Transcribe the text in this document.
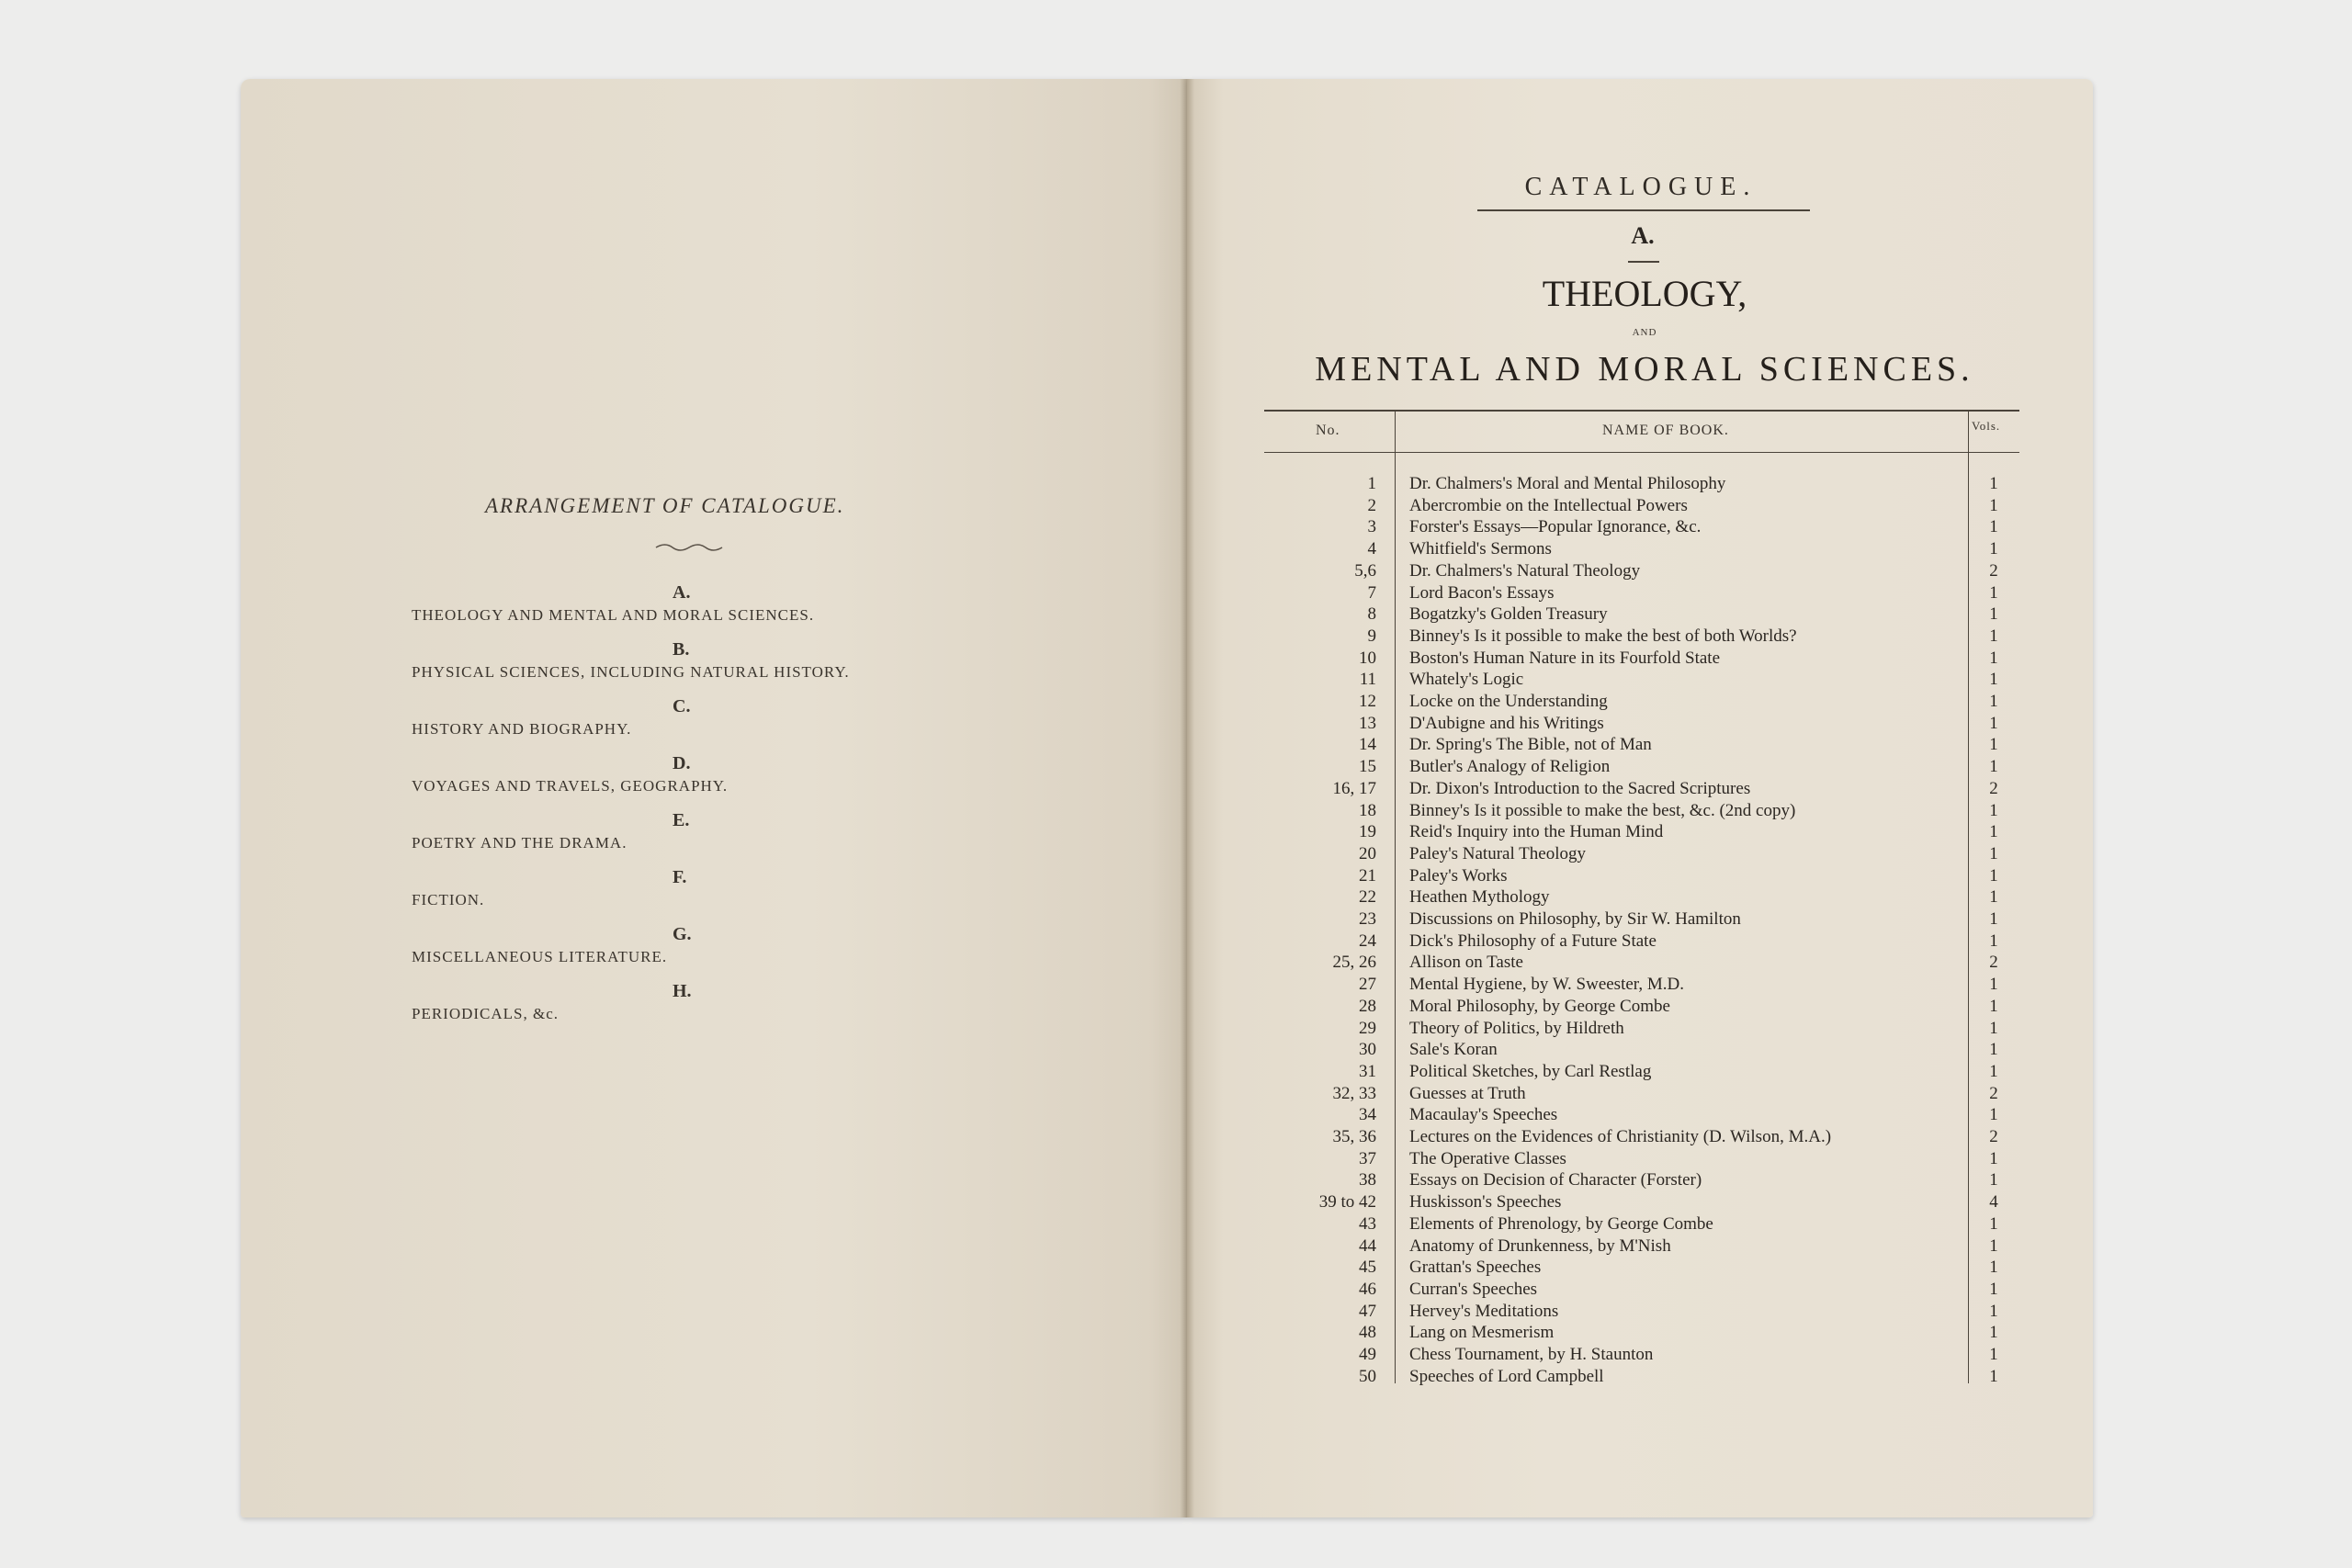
ARRANGEMENT OF CATALOGUE.
A.
THEOLOGY AND MENTAL AND MORAL SCIENCES.
B.
PHYSICAL SCIENCES, INCLUDING NATURAL HISTORY.
C.
HISTORY AND BIOGRAPHY.
D.
VOYAGES AND TRAVELS, GEOGRAPHY.
E.
POETRY AND THE DRAMA.
F.
FICTION.
G.
MISCELLANEOUS LITERATURE.
H.
PERIODICALS, &c.
CATALOGUE.
A.
THEOLOGY,
AND
MENTAL AND MORAL SCIENCES.
No.	NAME OF BOOK.	Vols.
1 Dr. Chalmers's Moral and Mental Philosophy	1
2 Abercrombie on the Intellectual Powers	1
3 Forster's Essays—Popular Ignorance, &c.	1
4 Whitfield's Sermons	1
5,6 Dr. Chalmers's Natural Theology	2
7 Lord Bacon's Essays	1
8 Bogatzky's Golden Treasury	1
9 Binney's Is it possible to make the best of both Worlds?	1
10 Boston's Human Nature in its Fourfold State	1
11 Whately's Logic	1
12 Locke on the Understanding	1
13 D'Aubigne and his Writings	1
14 Dr. Spring's The Bible, not of Man	1
15 Butler's Analogy of Religion	1
16, 17 Dr. Dixon's Introduction to the Sacred Scriptures	2
18 Binney's Is it possible to make the best, &c. (2nd copy)	1
19 Reid's Inquiry into the Human Mind	1
20 Paley's Natural Theology	1
21 Paley's Works	1
22 Heathen Mythology	1
23 Discussions on Philosophy, by Sir W. Hamilton	1
24 Dick's Philosophy of a Future State	1
25, 26 Allison on Taste	2
27 Mental Hygiene, by W. Sweester, M.D.	1
28 Moral Philosophy, by George Combe	1
29 Theory of Politics, by Hildreth	1
30 Sale's Koran	1
31 Political Sketches, by Carl Restlag	1
32, 33 Guesses at Truth	2
34 Macaulay's Speeches	1
35, 36 Lectures on the Evidences of Christianity (D. Wilson, M.A.)	2
37 The Operative Classes	1
38 Essays on Decision of Character (Forster)	1
39 to 42 Huskisson's Speeches	4
43 Elements of Phrenology, by George Combe	1
44 Anatomy of Drunkenness, by M'Nish	1
45 Grattan's Speeches	1
46 Curran's Speeches	1
47 Hervey's Meditations	1
48 Lang on Mesmerism	1
49 Chess Tournament, by H. Staunton	1
50 Speeches of Lord Campbell	1
